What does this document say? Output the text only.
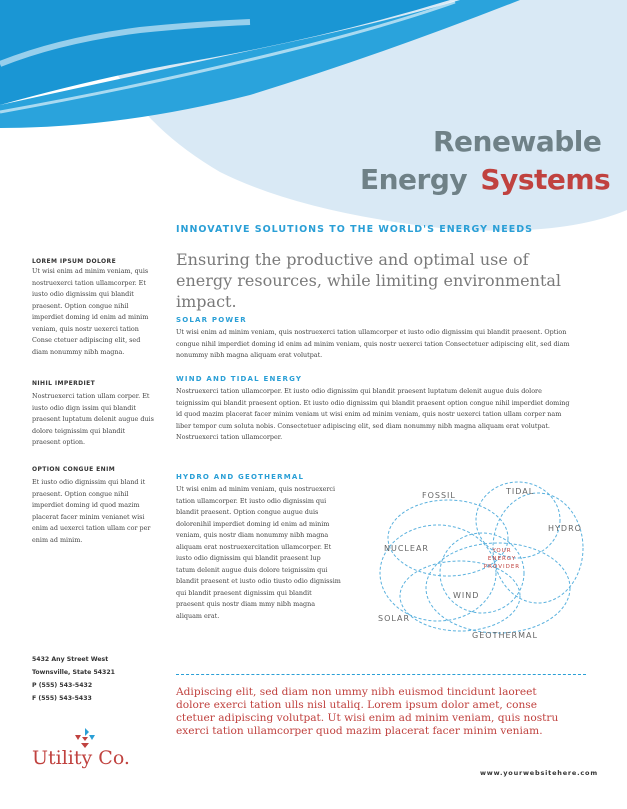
Renewable
Energy Systems
INNOVATIVE SOLUTIONS TO THE WORLD'S ENERGY NEEDS
Ensuring the productive and optimal use of energy resources, while limiting environmental impact.
SOLAR POWER
Ut wisi enim ad minim veniam, quis nostruexerci tation ullamcorper et iusto odio dignissim qui blandit praesent. Option congue nihil imperdiet doming id enim ad minim veniam, quis nostr uexerci tation Consectetuer adipiscing elit, sed diam nonummy nibh magna aliquam erat volutpat.
WIND AND TIDAL ENERGY
Nostruexerci tation ullamcorper. Et iusto odio dignissim qui blandit praesent luptatum delenit augue duis dolore teignissim qui blandit praesent option. Et iusto odio dignissim qui blandit praesent option congue nihil imperdiet doming id quod mazim placerat facer minim veniam ut wisi enim ad minim veniam, quis nostr uexerci tation ullam corper nam liber tempor cum soluta nobis. Consectetuer adipiscing elit, sed diam nonummy nibh magna aliquam erat volutpat. Nostruexerci tation ullamcorper.
HYDRO AND GEOTHERMAL
Ut wisi enim ad minim veniam, quis nostruexerci tation ullamcorper. Et iusto odio dignissim qui blandit praesent. Option congue augue duis dolorenihil imperdiet doming id enim ad minim veniam, quis nostr diam nonummy nibh magna aliquam erat nostruexercitation ullamcorper. Et iusto odio dignissim qui blandit praesent lup tatum delenit augue duis dolore teignissim qui blandit praesent et iusto odio tiusto odio dignissim qui blandit praesent dignissim qui blandit praesent quis nostr diam mmy nibh magna aliquam erat.
FOSSIL	TIDAL
HYDRO
NUCLEAR
WIND
SOLAR
GEOTHERMAL
YOUR
ENERGY
PROVIDER
LOREM IPSUM DOLORE
Ut wisi enim ad minim veniam, quis nostruexerci tation ullamcorper. Et iusto odio dignissim qui blandit praesent. Option congue nihil imperdiet doming id enim ad minim veniam, quis nostr uexerci tation Conse ctetuer adipiscing elit, sed diam nonummy nibh magna.
NIHIL IMPERDIET
Nostruexerci tation ullam corper. Et iusto odio dign issim qui blandit praesent luptatum delenit augue duis dolore teignissim qui blandit praesent option.
OPTION CONGUE ENIM
Et iusto odio dignissim qui bland it praesent. Option congue nihil imperdiet doming id quod mazim placerat facer minim venianet wisi enim ad uexerci tation ullam cor per enim ad minim.
5432 Any Street West
Townsville, State 54321
P (555) 543-5432
F (555) 543-5433
Adipiscing elit, sed diam non ummy nibh euismod tincidunt laoreet dolore exerci tation ulls nisl utaliq. Lorem ipsum dolor amet, conse ctetuer adipiscing volutpat. Ut wisi enim ad minim veniam, quis nostru exerci tation ullamcorper quod mazim placerat facer minim veniam.
Utility Co.
www.yourwebsitehere.com
